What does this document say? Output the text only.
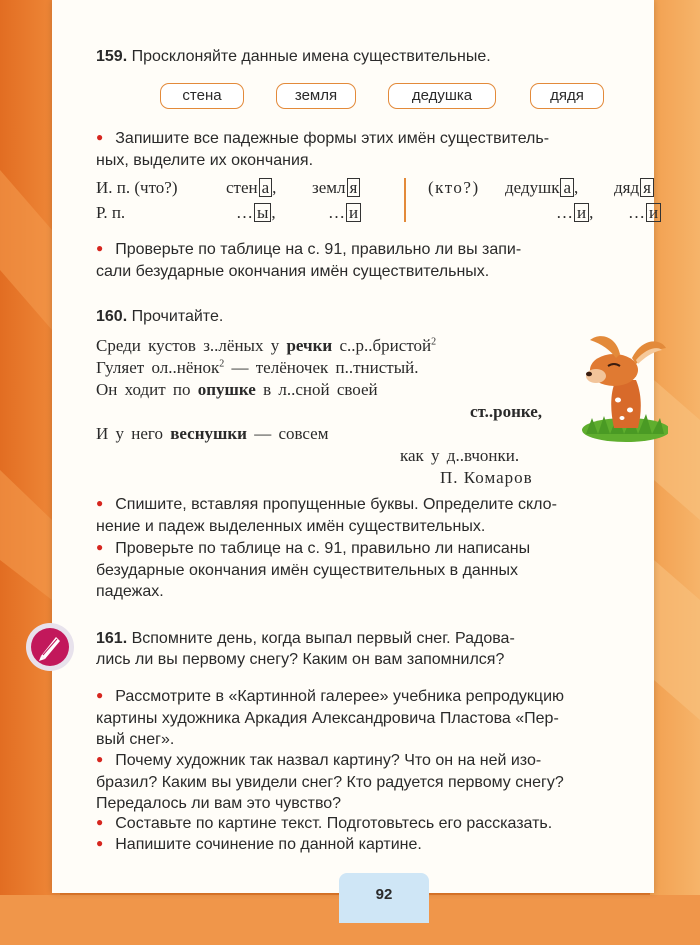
159. Просклоняйте данные имена существительные.
стена	земля	дедушка	дядя
● Запишите все падежные формы этих имён существитель-
ных, выделите их окончания.
И. п. (что?)	стен а , земл я	(кто?) дедушк а , дяд я
Р. п.	… ы ,	… и	… и , … и
● Проверьте по таблице на с. 91, правильно ли вы запи-
сали безударные окончания имён существительных.
160. Прочитайте.
Среди кустов з..лёных у речки с..р..бристой$^2$
Гуляет ол..нёнок$^2$ — телёночек п..тнистый.
Он ходит по опушке в л..сной своей
ст..ронке,
И у него веснушки — совсем
как у д..вчонки.
П. Комаров
● Спишите, вставляя пропущенные буквы. Определите скло-
нение и падеж выделенных имён существительных.
● Проверьте по таблице на с. 91, правильно ли написаны
безударные окончания имён существительных в данных
падежах.
161. Вспомните день, когда выпал первый снег. Радова-
лись ли вы первому снегу? Каким он вам запомнился?
● Рассмотрите в «Картинной галерее» учебника репродукцию
картины художника Аркадия Александровича Пластова «Пер-
вый снег».
● Почему художник так назвал картину? Что он на ней изо-
бразил? Каким вы увидели снег? Кто радуется первому снегу?
Передалось ли вам это чувство?
● Составьте по картине текст. Подготовьтесь его рассказать.
● Напишите сочинение по данной картине.
92
